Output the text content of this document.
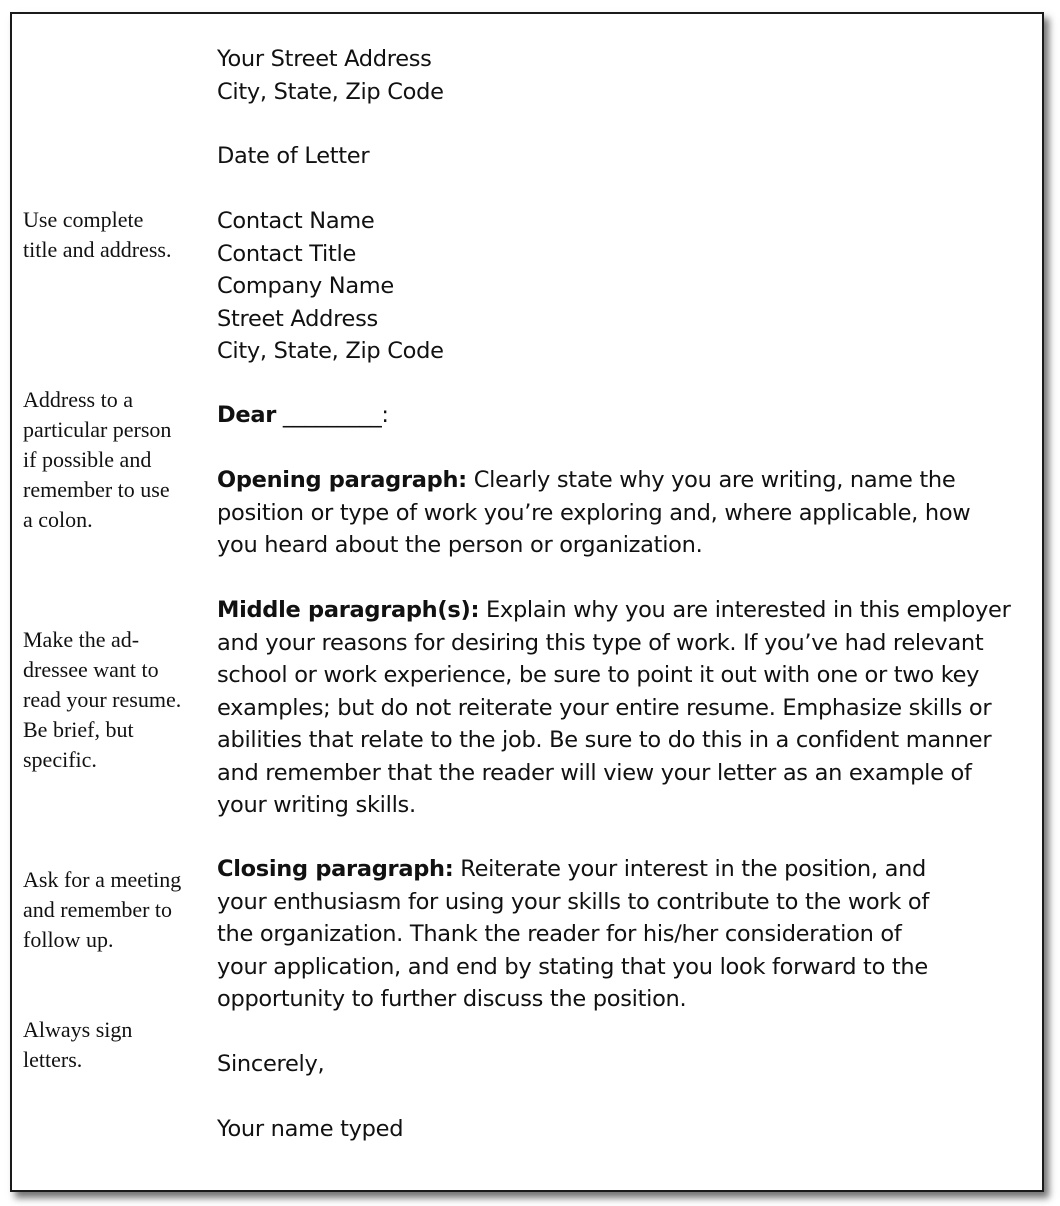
Your Street Address
City, State, Zip Code
Date of Letter
Contact Name
Contact Title
Company Name
Street Address
City, State, Zip Code
Dear _________:
Opening paragraph: Clearly state why you are writing, name the
position or type of work you’re exploring and, where applicable, how
you heard about the person or organization.
Middle paragraph(s): Explain why you are interested in this employer
and your reasons for desiring this type of work. If you’ve had relevant
school or work experience, be sure to point it out with one or two key
examples; but do not reiterate your entire resume. Emphasize skills or
abilities that relate to the job. Be sure to do this in a confident manner
and remember that the reader will view your letter as an example of
your writing skills.
Closing paragraph: Reiterate your interest in the position, and
your enthusiasm for using your skills to contribute to the work of
the organization. Thank the reader for his/her consideration of
your application, and end by stating that you look forward to the
opportunity to further discuss the position.
Sincerely,
Your name typed
Use complete
title and address.
Address to a
particular person
if possible and
remember to use
a colon.
Make the ad-
dressee want to
read your resume.
Be brief, but
specific.
Ask for a meeting
and remember to
follow up.
Always sign
letters.
